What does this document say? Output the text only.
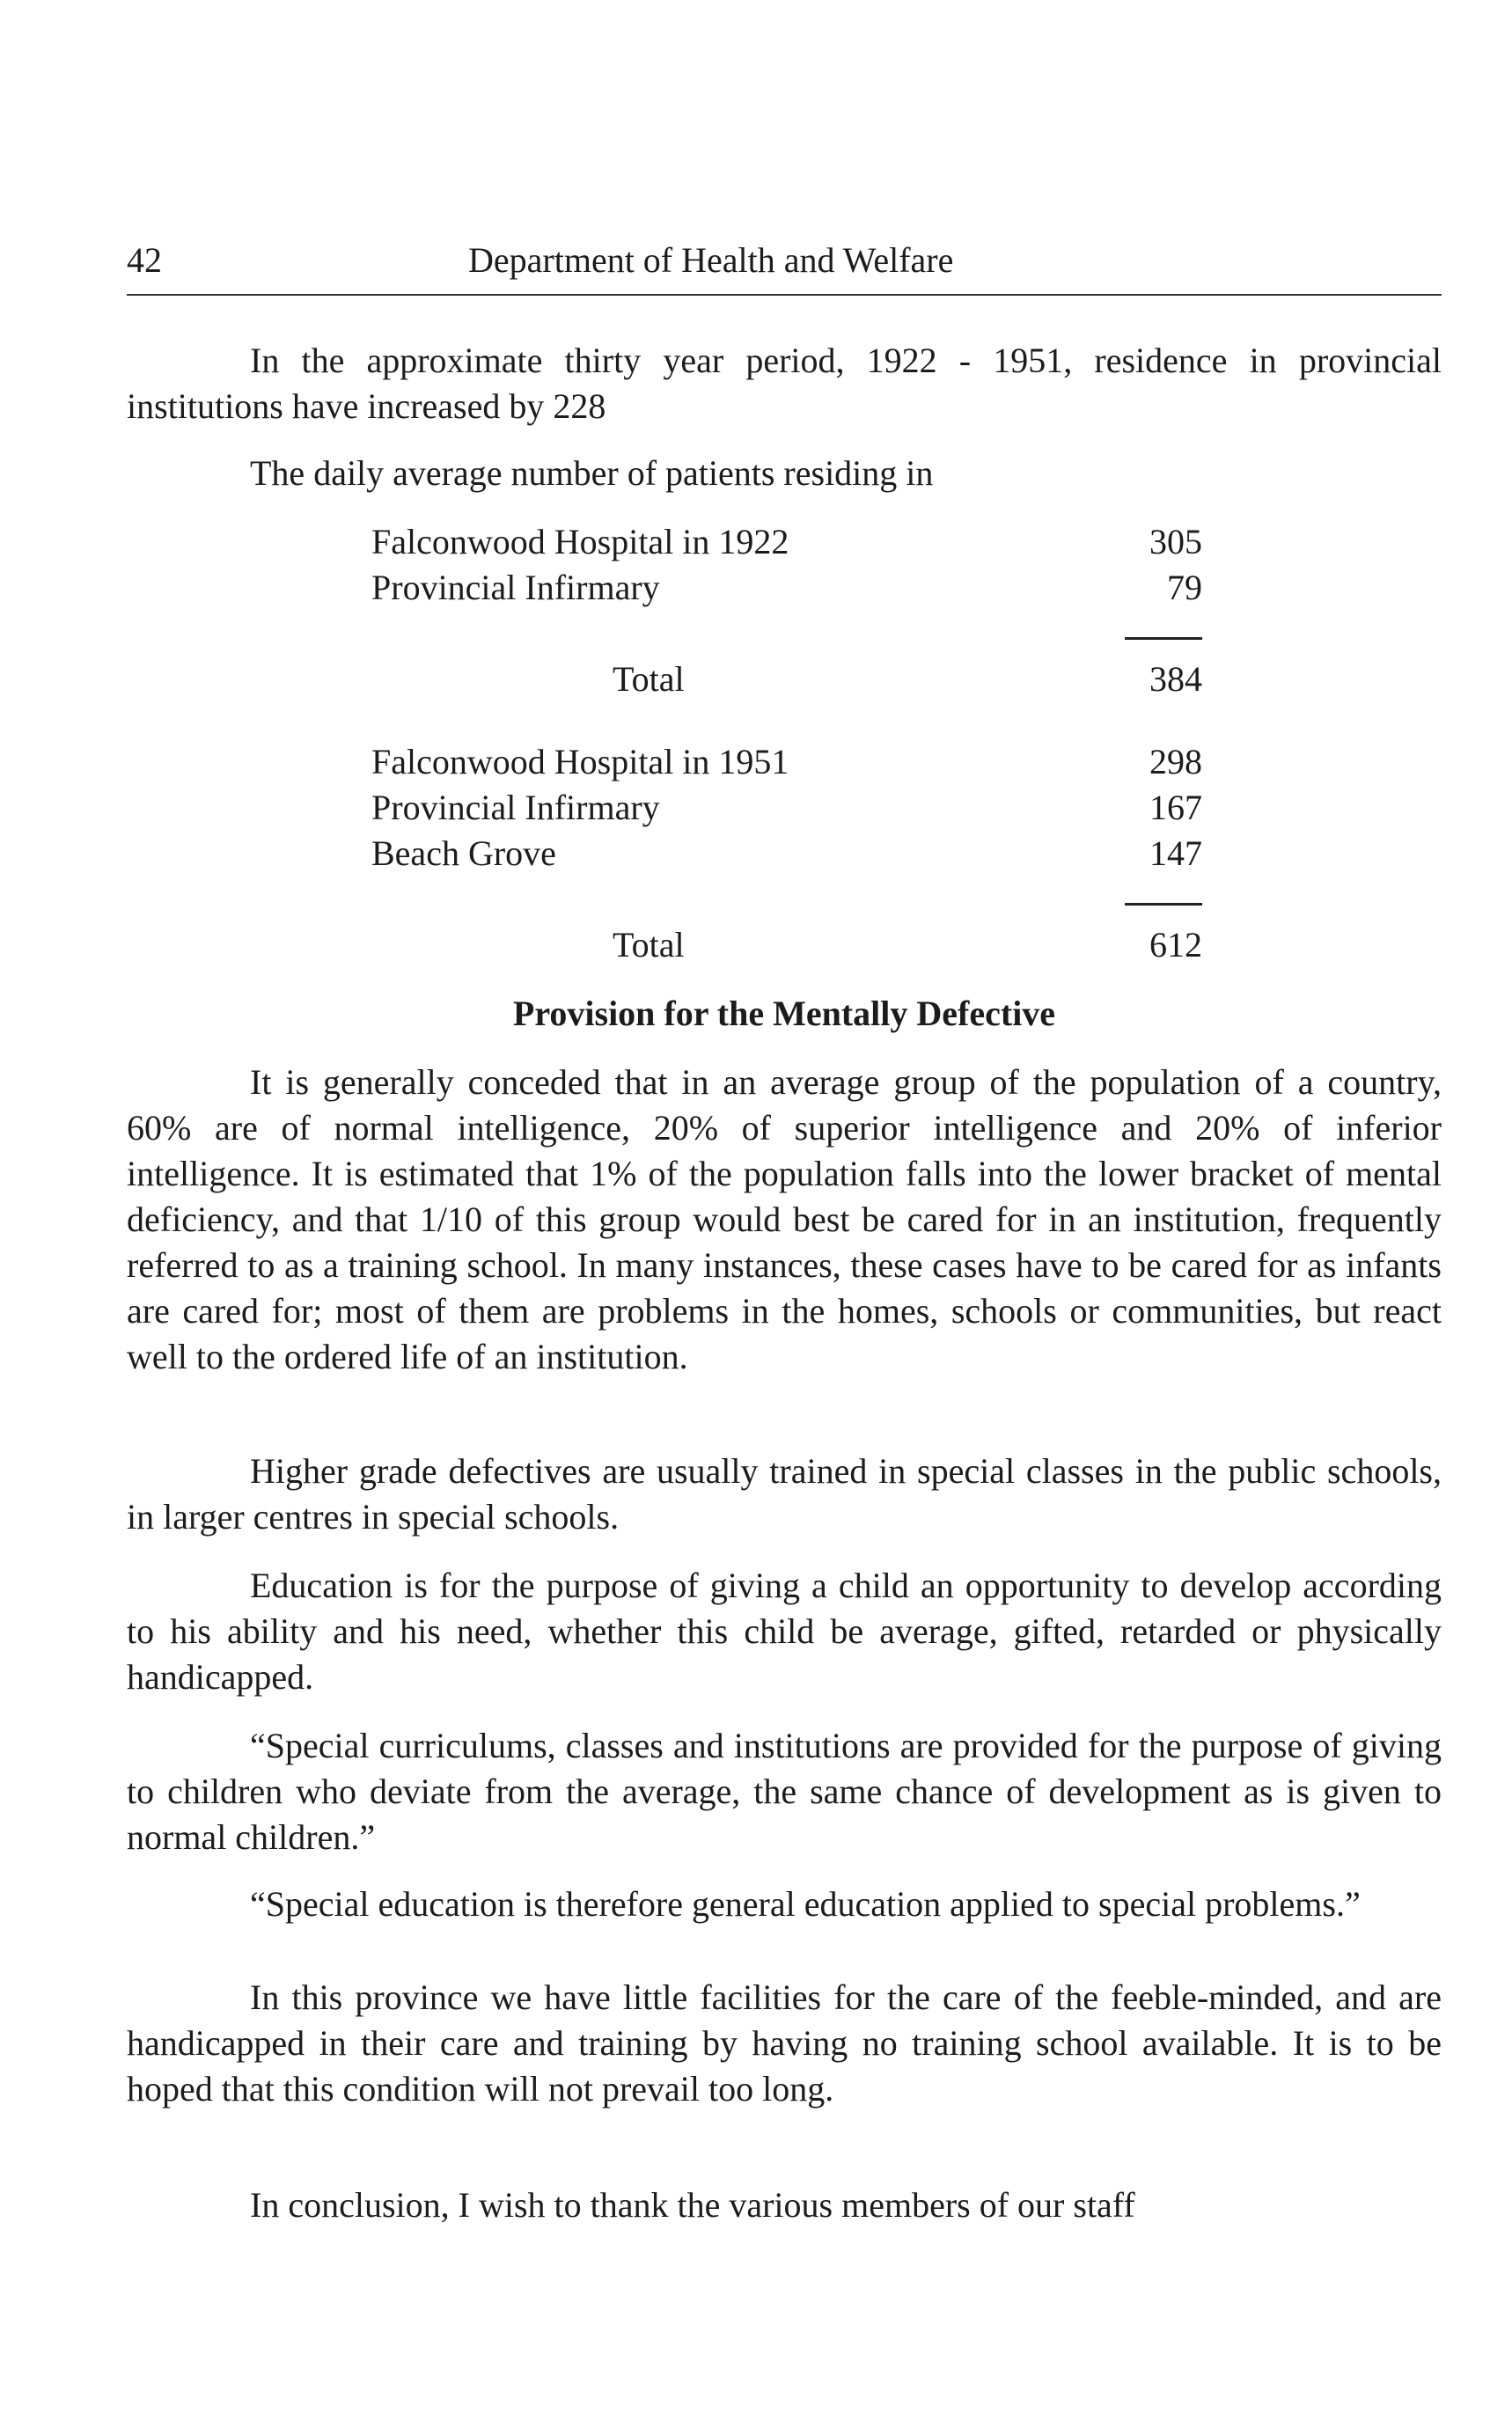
42	Department of Health and Welfare

In the approximate thirty year period, 1922 - 1951, residence in provincial institutions have increased by 228

The daily average number of patients residing in

Falconwood Hospital in 1922	305
Provincial Infirmary	79
Total	384
Falconwood Hospital in 1951	298
Provincial Infirmary	167
Beach Grove	147
Total	612
Provision for the Mentally Defective

It is generally conceded that in an average group of the population of a country, 60% are of normal intelligence, 20% of superior intelligence and 20% of inferior intelligence. It is estimated that 1% of the population falls into the lower bracket of mental deficiency, and that 1/10 of this group would best be cared for in an institution, frequently referred to as a training school. In many instances, these cases have to be cared for as infants are cared for; most of them are problems in the homes, schools or communities, but react well to the ordered life of an institution.

Higher grade defectives are usually trained in special classes in the public schools, in larger centres in special schools.

Education is for the purpose of giving a child an opportunity to develop according to his ability and his need, whether this child be average, gifted, retarded or physically handicapped.

“Special curriculums, classes and institutions are provided for the purpose of giving to children who deviate from the average, the same chance of development as is given to normal children.”

“Special education is therefore general education applied to special problems.”

In this province we have little facilities for the care of the feeble-minded, and are handicapped in their care and training by having no training school available. It is to be hoped that this condition will not prevail too long.

In conclusion, I wish to thank the various members of our staff
